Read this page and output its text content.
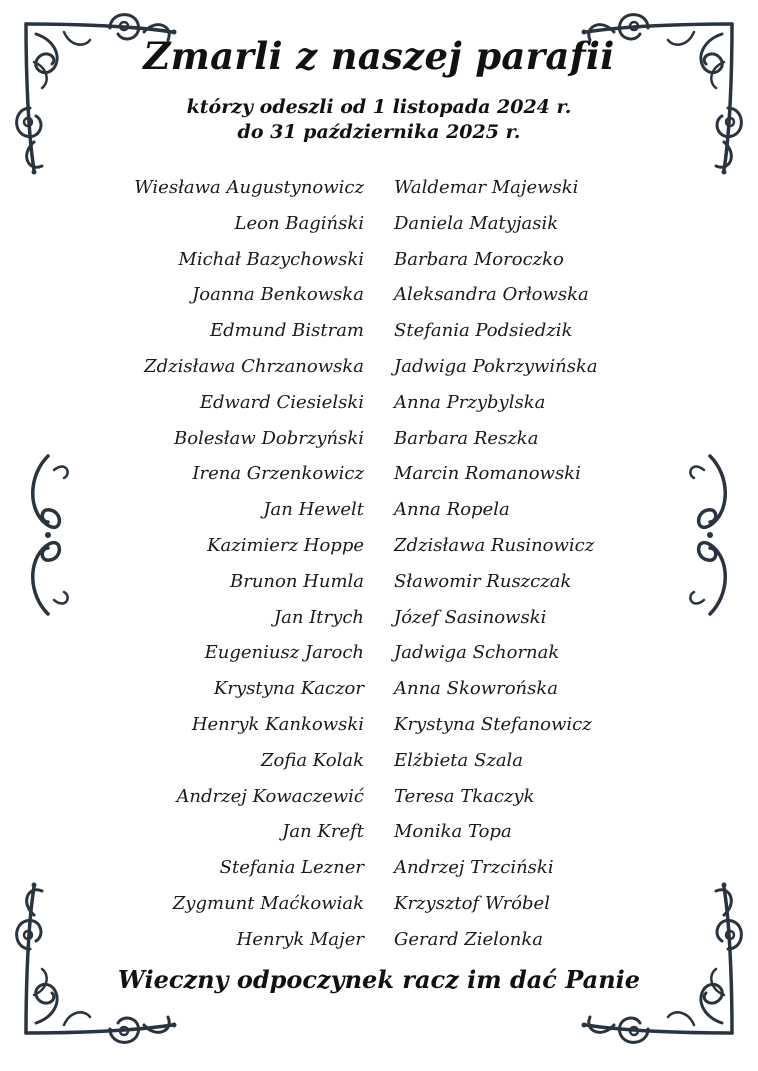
Zmarli z naszej parafii
którzy odeszli od 1 listopada 2024 r.
do 31 października 2025 r.
Wiesława Augustynowicz
Leon Bagiński
Michał Bazychowski
Joanna Benkowska
Edmund Bistram
Zdzisława Chrzanowska
Edward Ciesielski
Bolesław Dobrzyński
Irena Grzenkowicz
Jan Hewelt
Kazimierz Hoppe
Brunon Humla
Jan Itrych
Eugeniusz Jaroch
Krystyna Kaczor
Henryk Kankowski
Zofia Kolak
Andrzej Kowaczewić
Jan Kreft
Stefania Lezner
Zygmunt Maćkowiak
Henryk Majer
Waldemar Majewski
Daniela Matyjasik
Barbara Moroczko
Aleksandra Orłowska
Stefania Podsiedzik
Jadwiga Pokrzywińska
Anna Przybylska
Barbara Reszka
Marcin Romanowski
Anna Ropela
Zdzisława Rusinowicz
Sławomir Ruszczak
Józef Sasinowski
Jadwiga Schornak
Anna Skowrońska
Krystyna Stefanowicz
Elżbieta Szala
Teresa Tkaczyk
Monika Topa
Andrzej Trzciński
Krzysztof Wróbel
Gerard Zielonka
Wieczny odpoczynek racz im dać Panie
